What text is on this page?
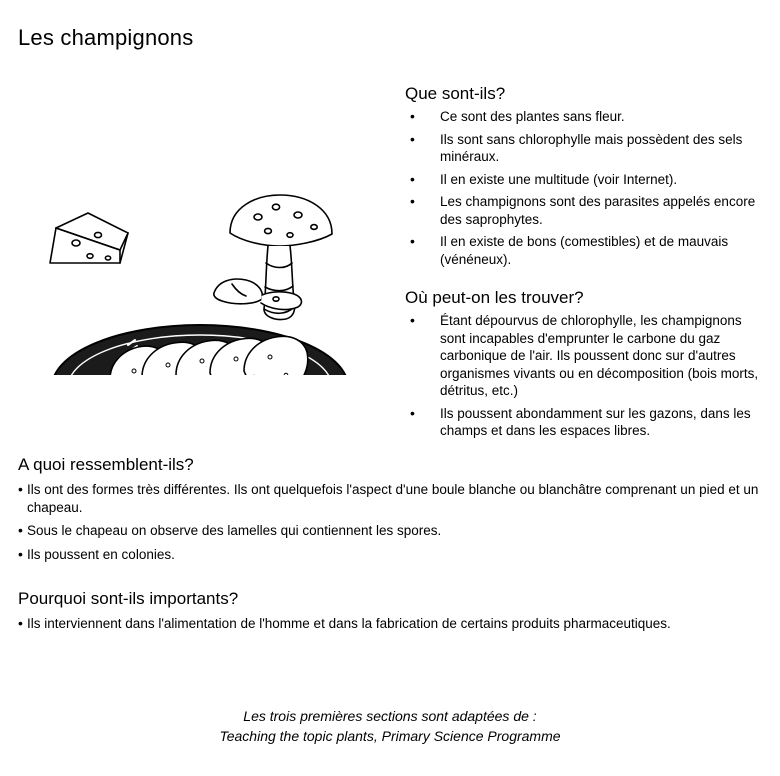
Les champignons
Que sont-ils?
• Ce sont des plantes sans fleur.
• Ils sont sans chlorophylle mais possèdent des sels minéraux.
• Il en existe une multitude (voir Internet).
• Les champignons sont des parasites appelés encore des saprophytes.
• Il en existe de bons (comestibles) et de mauvais (vénéneux).
Où peut-on les trouver?
• Étant dépourvus de chlorophylle, les champignons sont incapables d'emprunter le carbone du gaz carbonique de l'air. Ils poussent donc sur d'autres organismes vivants ou en décomposition (bois morts, détritus, etc.)
• Ils poussent abondamment sur les gazons, dans les champs et dans les espaces libres.
A quoi ressemblent-ils?
• Ils ont des formes très différentes. Ils ont quelquefois l'aspect d'une boule blanche ou blanchâtre comprenant un pied et un chapeau.
• Sous le chapeau on observe des lamelles qui contiennent les spores.
• Ils poussent en colonies.
Pourquoi sont-ils importants?
• Ils interviennent dans l'alimentation de l'homme et dans la fabrication de certains produits pharmaceutiques.
Les trois premières sections sont adaptées de :
Teaching the topic plants, Primary Science Programme
